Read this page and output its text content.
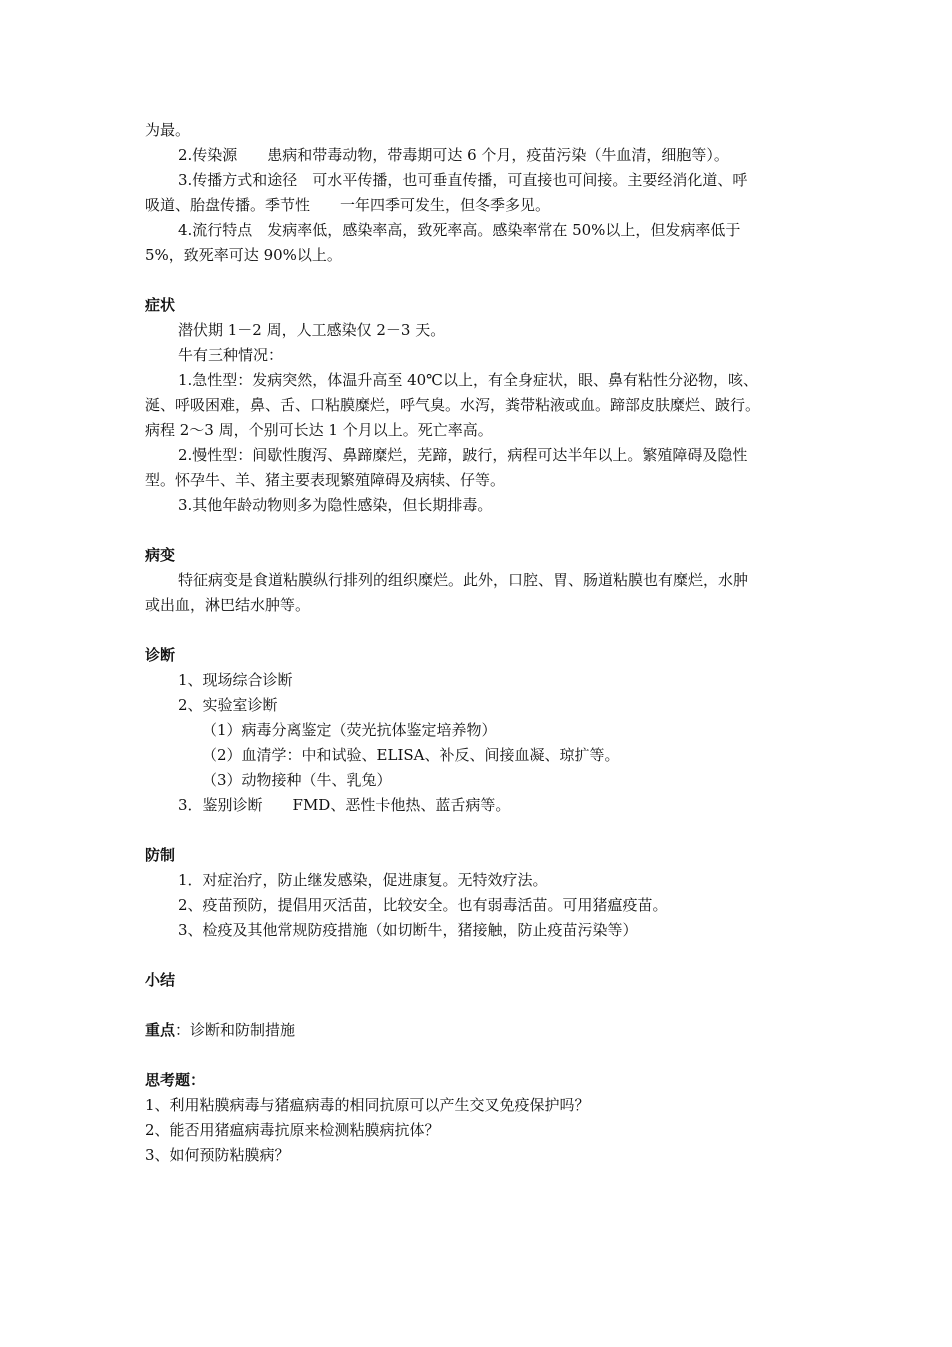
为最。

2.传染源　　患病和带毒动物，带毒期可达 6 个月，疫苗污染（牛血清，细胞等）。

3.传播方式和途径　可水平传播，也可垂直传播，可直接也可间接。主要经消化道、呼

吸道、胎盘传播。季节性　　一年四季可发生，但冬季多见。

4.流行特点　发病率低，感染率高，致死率高。感染率常在 50%以上，但发病率低于

5%，致死率可达 90%以上。

症状

潜伏期 1－2 周，人工感染仅 2－3 天。

牛有三种情况：

1.急性型：发病突然，体温升高至 40℃以上，有全身症状，眼、鼻有粘性分泌物，咳、

涎、呼吸困难，鼻、舌、口粘膜糜烂，呼气臭。水泻，粪带粘液或血。蹄部皮肤糜烂、跛行。

病程 2～3 周，个别可长达 1 个月以上。死亡率高。

2.慢性型：间歇性腹泻、鼻蹄糜烂，芜蹄，跛行，病程可达半年以上。繁殖障碍及隐性

型。怀孕牛、羊、猪主要表现繁殖障碍及病犊、仔等。

3.其他年龄动物则多为隐性感染，但长期排毒。

病变

特征病变是食道粘膜纵行排列的组织糜烂。此外，口腔、胃、肠道粘膜也有糜烂，水肿

或出血，淋巴结水肿等。

诊断

1、现场综合诊断

2、实验室诊断

（1）病毒分离鉴定（荧光抗体鉴定培养物）

（2）血清学：中和试验、ELISA、补反、间接血凝、琼扩等。

（3）动物接种（牛、乳兔）

3．鉴别诊断　　FMD、恶性卡他热、蓝舌病等。

防制

1．对症治疗，防止继发感染，促进康复。无特效疗法。

2、疫苗预防，提倡用灭活苗，比较安全。也有弱毒活苗。可用猪瘟疫苗。

3、检疫及其他常规防疫措施（如切断牛，猪接触，防止疫苗污染等）

小结

重点：诊断和防制措施

思考题：

1、利用粘膜病毒与猪瘟病毒的相同抗原可以产生交叉免疫保护吗？

2、能否用猪瘟病毒抗原来检测粘膜病抗体？

3、如何预防粘膜病？
